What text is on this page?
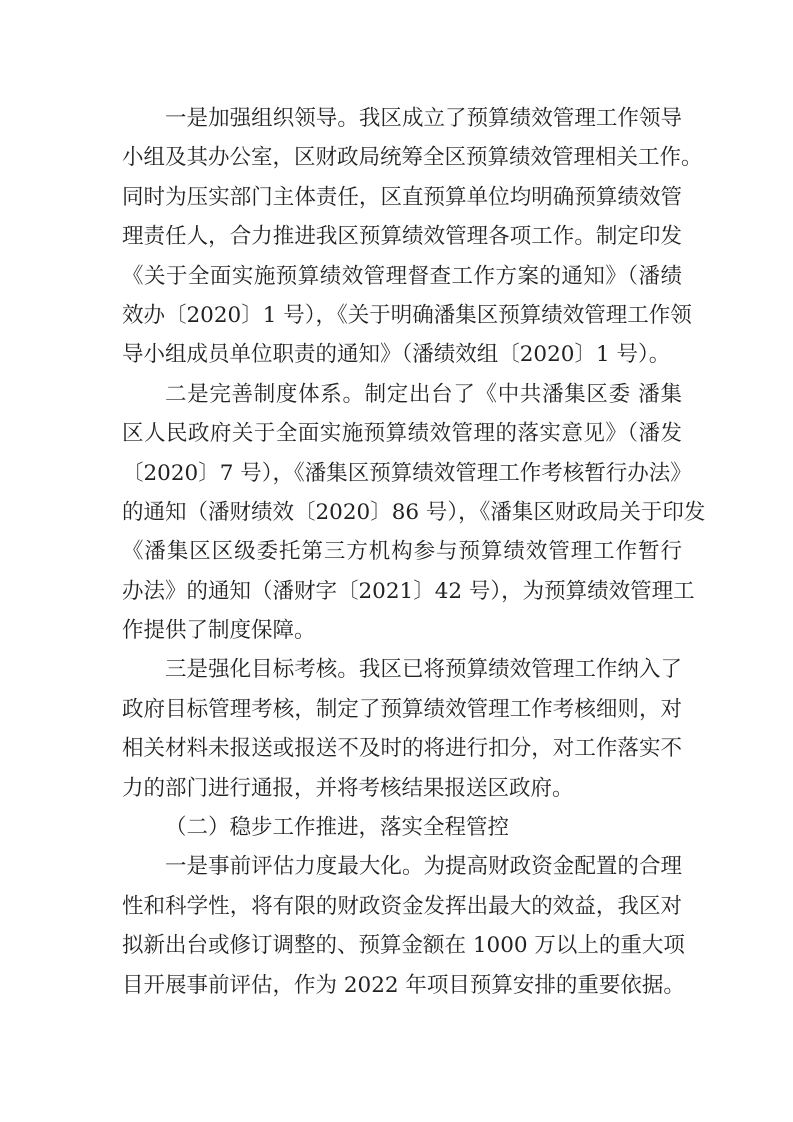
一是加强组织领导。我区成立了预算绩效管理工作领导
小组及其办公室，区财政局统筹全区预算绩效管理相关工作。
同时为压实部门主体责任，区直预算单位均明确预算绩效管
理责任人，合力推进我区预算绩效管理各项工作。制定印发
《关于全面实施预算绩效管理督查工作方案的通知》（潘绩
效办〔2020〕1 号），《关于明确潘集区预算绩效管理工作领
导小组成员单位职责的通知》（潘绩效组〔2020〕1 号）。
二是完善制度体系。制定出台了《中共潘集区委 潘集
区人民政府关于全面实施预算绩效管理的落实意见》（潘发
〔2020〕7 号），《潘集区预算绩效管理工作考核暂行办法》
的通知（潘财绩效〔2020〕86 号），《潘集区财政局关于印发
《潘集区区级委托第三方机构参与预算绩效管理工作暂行
办法》的通知（潘财字〔2021〕42 号），为预算绩效管理工
作提供了制度保障。
三是强化目标考核。我区已将预算绩效管理工作纳入了
政府目标管理考核，制定了预算绩效管理工作考核细则，对
相关材料未报送或报送不及时的将进行扣分，对工作落实不
力的部门进行通报，并将考核结果报送区政府。
（二）稳步工作推进，落实全程管控
一是事前评估力度最大化。为提高财政资金配置的合理
性和科学性，将有限的财政资金发挥出最大的效益，我区对
拟新出台或修订调整的、预算金额在 1000 万以上的重大项
目开展事前评估，作为 2022 年项目预算安排的重要依据。
